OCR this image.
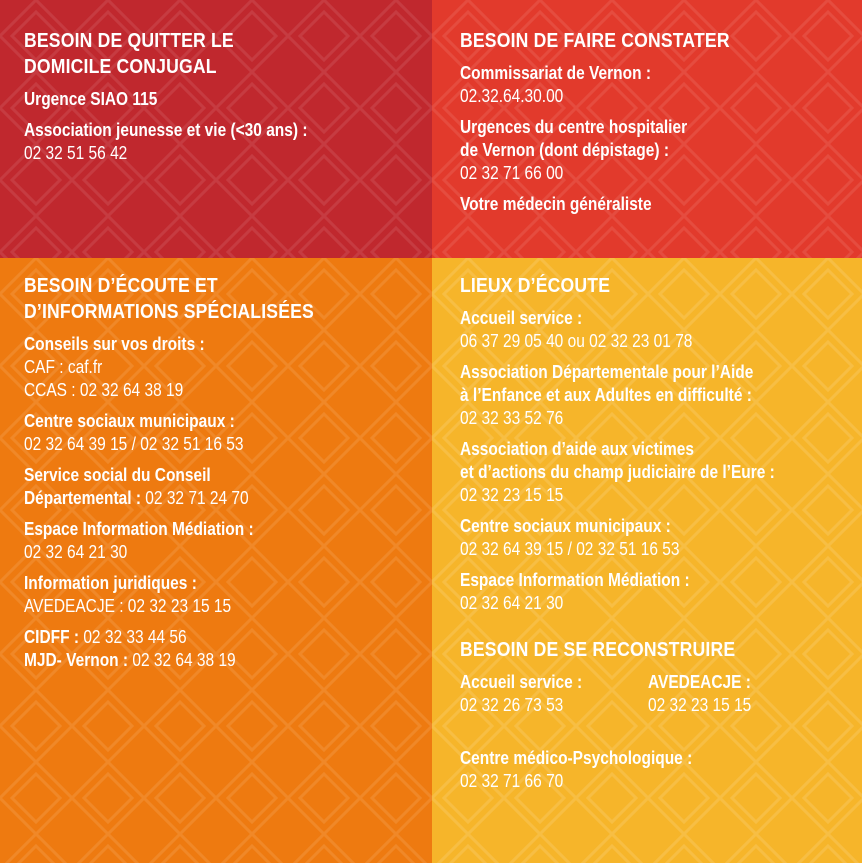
BESOIN DE QUITTER LE
DOMICILE CONJUGAL
Urgence SIAO 115
Association jeunesse et vie (<30 ans) :
02 32 51 56 42
BESOIN DE FAIRE CONSTATER
Commissariat de Vernon :
02.32.64.30.00
Urgences du centre hospitalier
de Vernon (dont dépistage) :
02 32 71 66 00
Votre médecin généraliste
BESOIN D’ÉCOUTE ET
D’INFORMATIONS SPÉCIALISÉES
Conseils sur vos droits :
CAF : caf.fr
CCAS : 02 32 64 38 19
Centre sociaux municipaux :
02 32 64 39 15 / 02 32 51 16 53
Service social du Conseil
Départemental : 02 32 71 24 70
Espace Information Médiation :
02 32 64 21 30
Information juridiques :
AVEDEACJE : 02 32 23 15 15
CIDFF : 02 32 33 44 56
MJD- Vernon : 02 32 64 38 19
LIEUX D’ÉCOUTE
Accueil service :
06 37 29 05 40 ou 02 32 23 01 78
Association Départementale pour l’Aide
à l’Enfance et aux Adultes en difficulté :
02 32 33 52 76
Association d’aide aux victimes
et d’actions du champ judiciaire de l’Eure :
02 32 23 15 15
Centre sociaux municipaux :
02 32 64 39 15 / 02 32 51 16 53
Espace Information Médiation :
02 32 64 21 30
BESOIN DE SE RECONSTRUIRE
Accueil service :
02 32 26 73 53
AVEDEACJE :
02 32 23 15 15
Centre médico-Psychologique :
02 32 71 66 70
